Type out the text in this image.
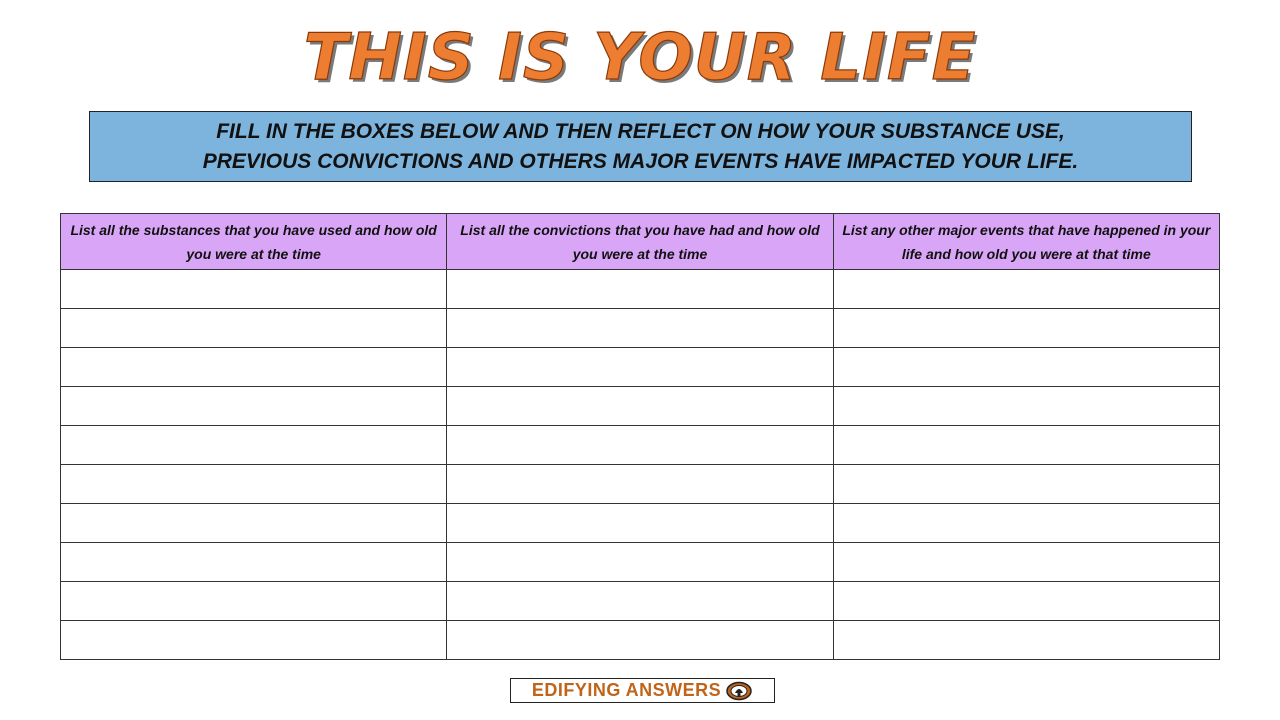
THIS IS YOUR LIFE
FILL IN THE BOXES BELOW AND THEN REFLECT ON HOW YOUR SUBSTANCE USE, PREVIOUS CONVICTIONS AND OTHERS MAJOR EVENTS HAVE IMPACTED YOUR LIFE.
List all the substances that you have used and how old you were at the time	List all the convictions that you have had and how old you were at the time	List any other major events that have happened in your life and how old you were at that time

EDIFYING ANSWERS
